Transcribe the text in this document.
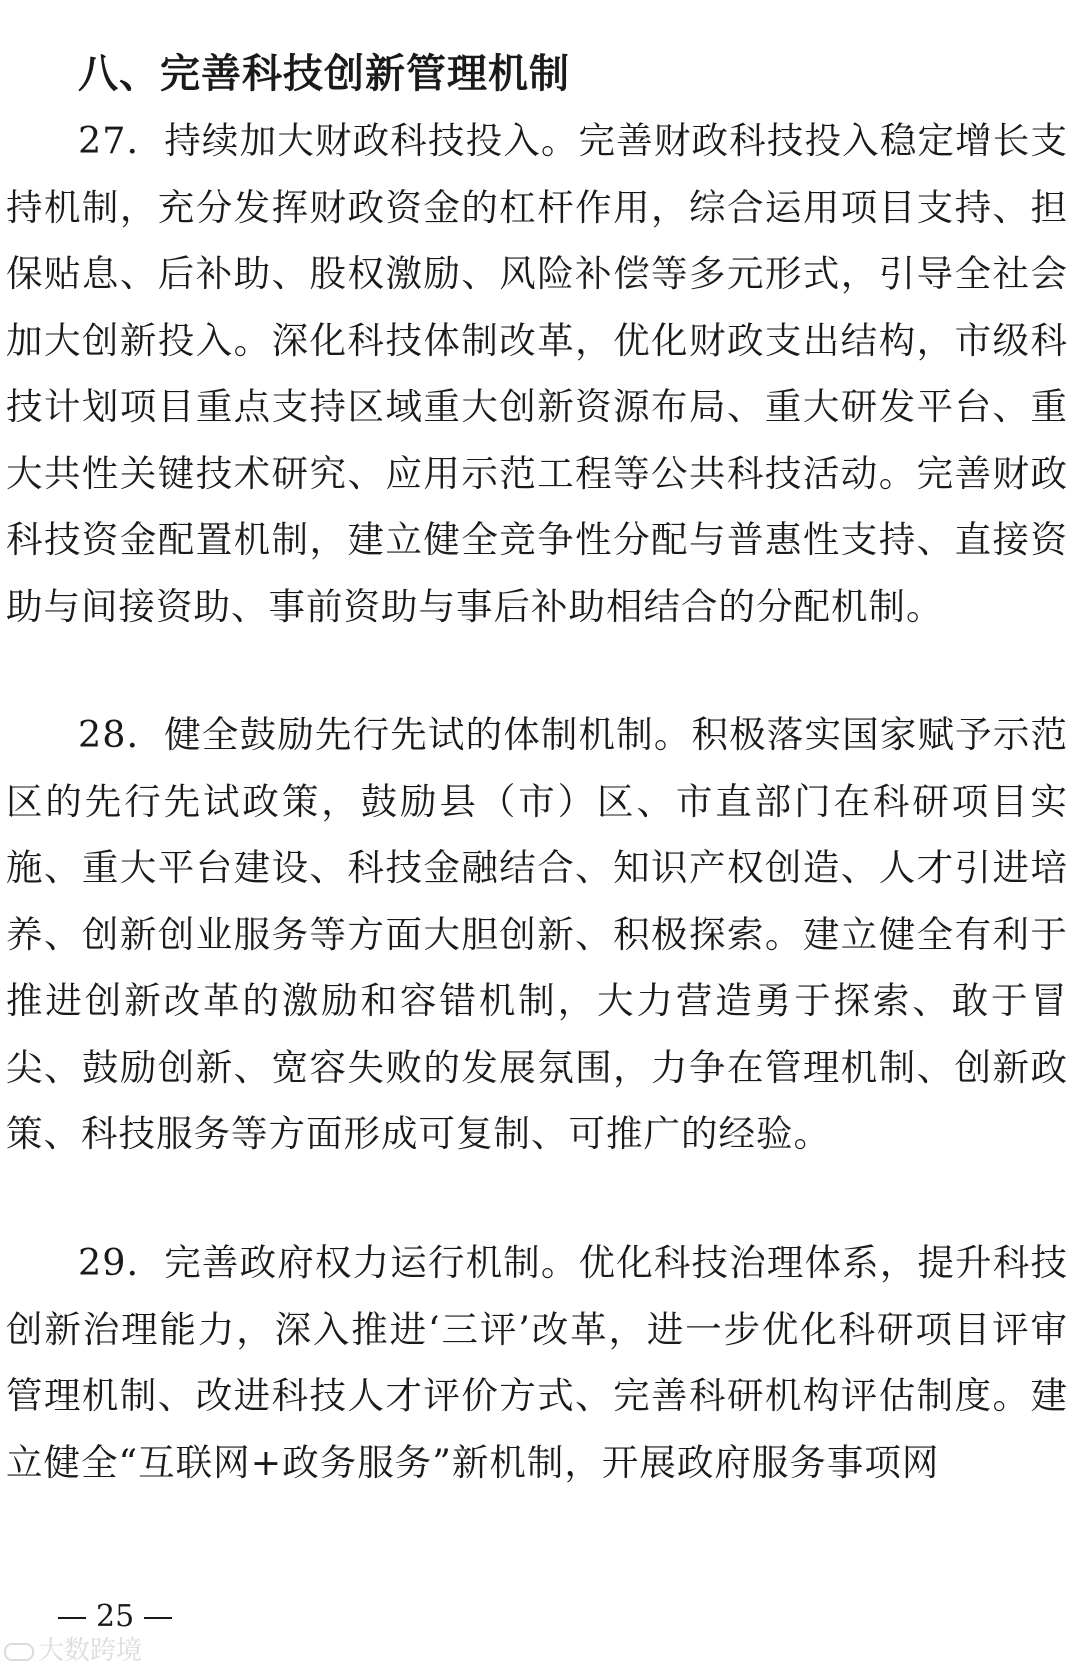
八、完善科技创新管理机制

27．持续加大财政科技投入。完善财政科技投入稳定增长支持机制，充分发挥财政资金的杠杆作用，综合运用项目支持、担保贴息、后补助、股权激励、风险补偿等多元形式，引导全社会加大创新投入。深化科技体制改革，优化财政支出结构，市级科技计划项目重点支持区域重大创新资源布局、重大研发平台、重大共性关键技术研究、应用示范工程等公共科技活动。完善财政科技资金配置机制，建立健全竞争性分配与普惠性支持、直接资助与间接资助、事前资助与事后补助相结合的分配机制。

28．健全鼓励先行先试的体制机制。积极落实国家赋予示范区的先行先试政策，鼓励县（市）区、市直部门在科研项目实施、重大平台建设、科技金融结合、知识产权创造、人才引进培养、创新创业服务等方面大胆创新、积极探索。建立健全有利于推进创新改革的激励和容错机制，大力营造勇于探索、敢于冒尖、鼓励创新、宽容失败的发展氛围，力争在管理机制、创新政策、科技服务等方面形成可复制、可推广的经验。

29．完善政府权力运行机制。优化科技治理体系，提升科技创新治理能力，深入推进‘三评’改革，进一步优化科研项目评审管理机制、改进科技人才评价方式、完善科研机构评估制度。建立健全“互联网+政务服务”新机制，开展政府服务事项网

25
大数跨境
